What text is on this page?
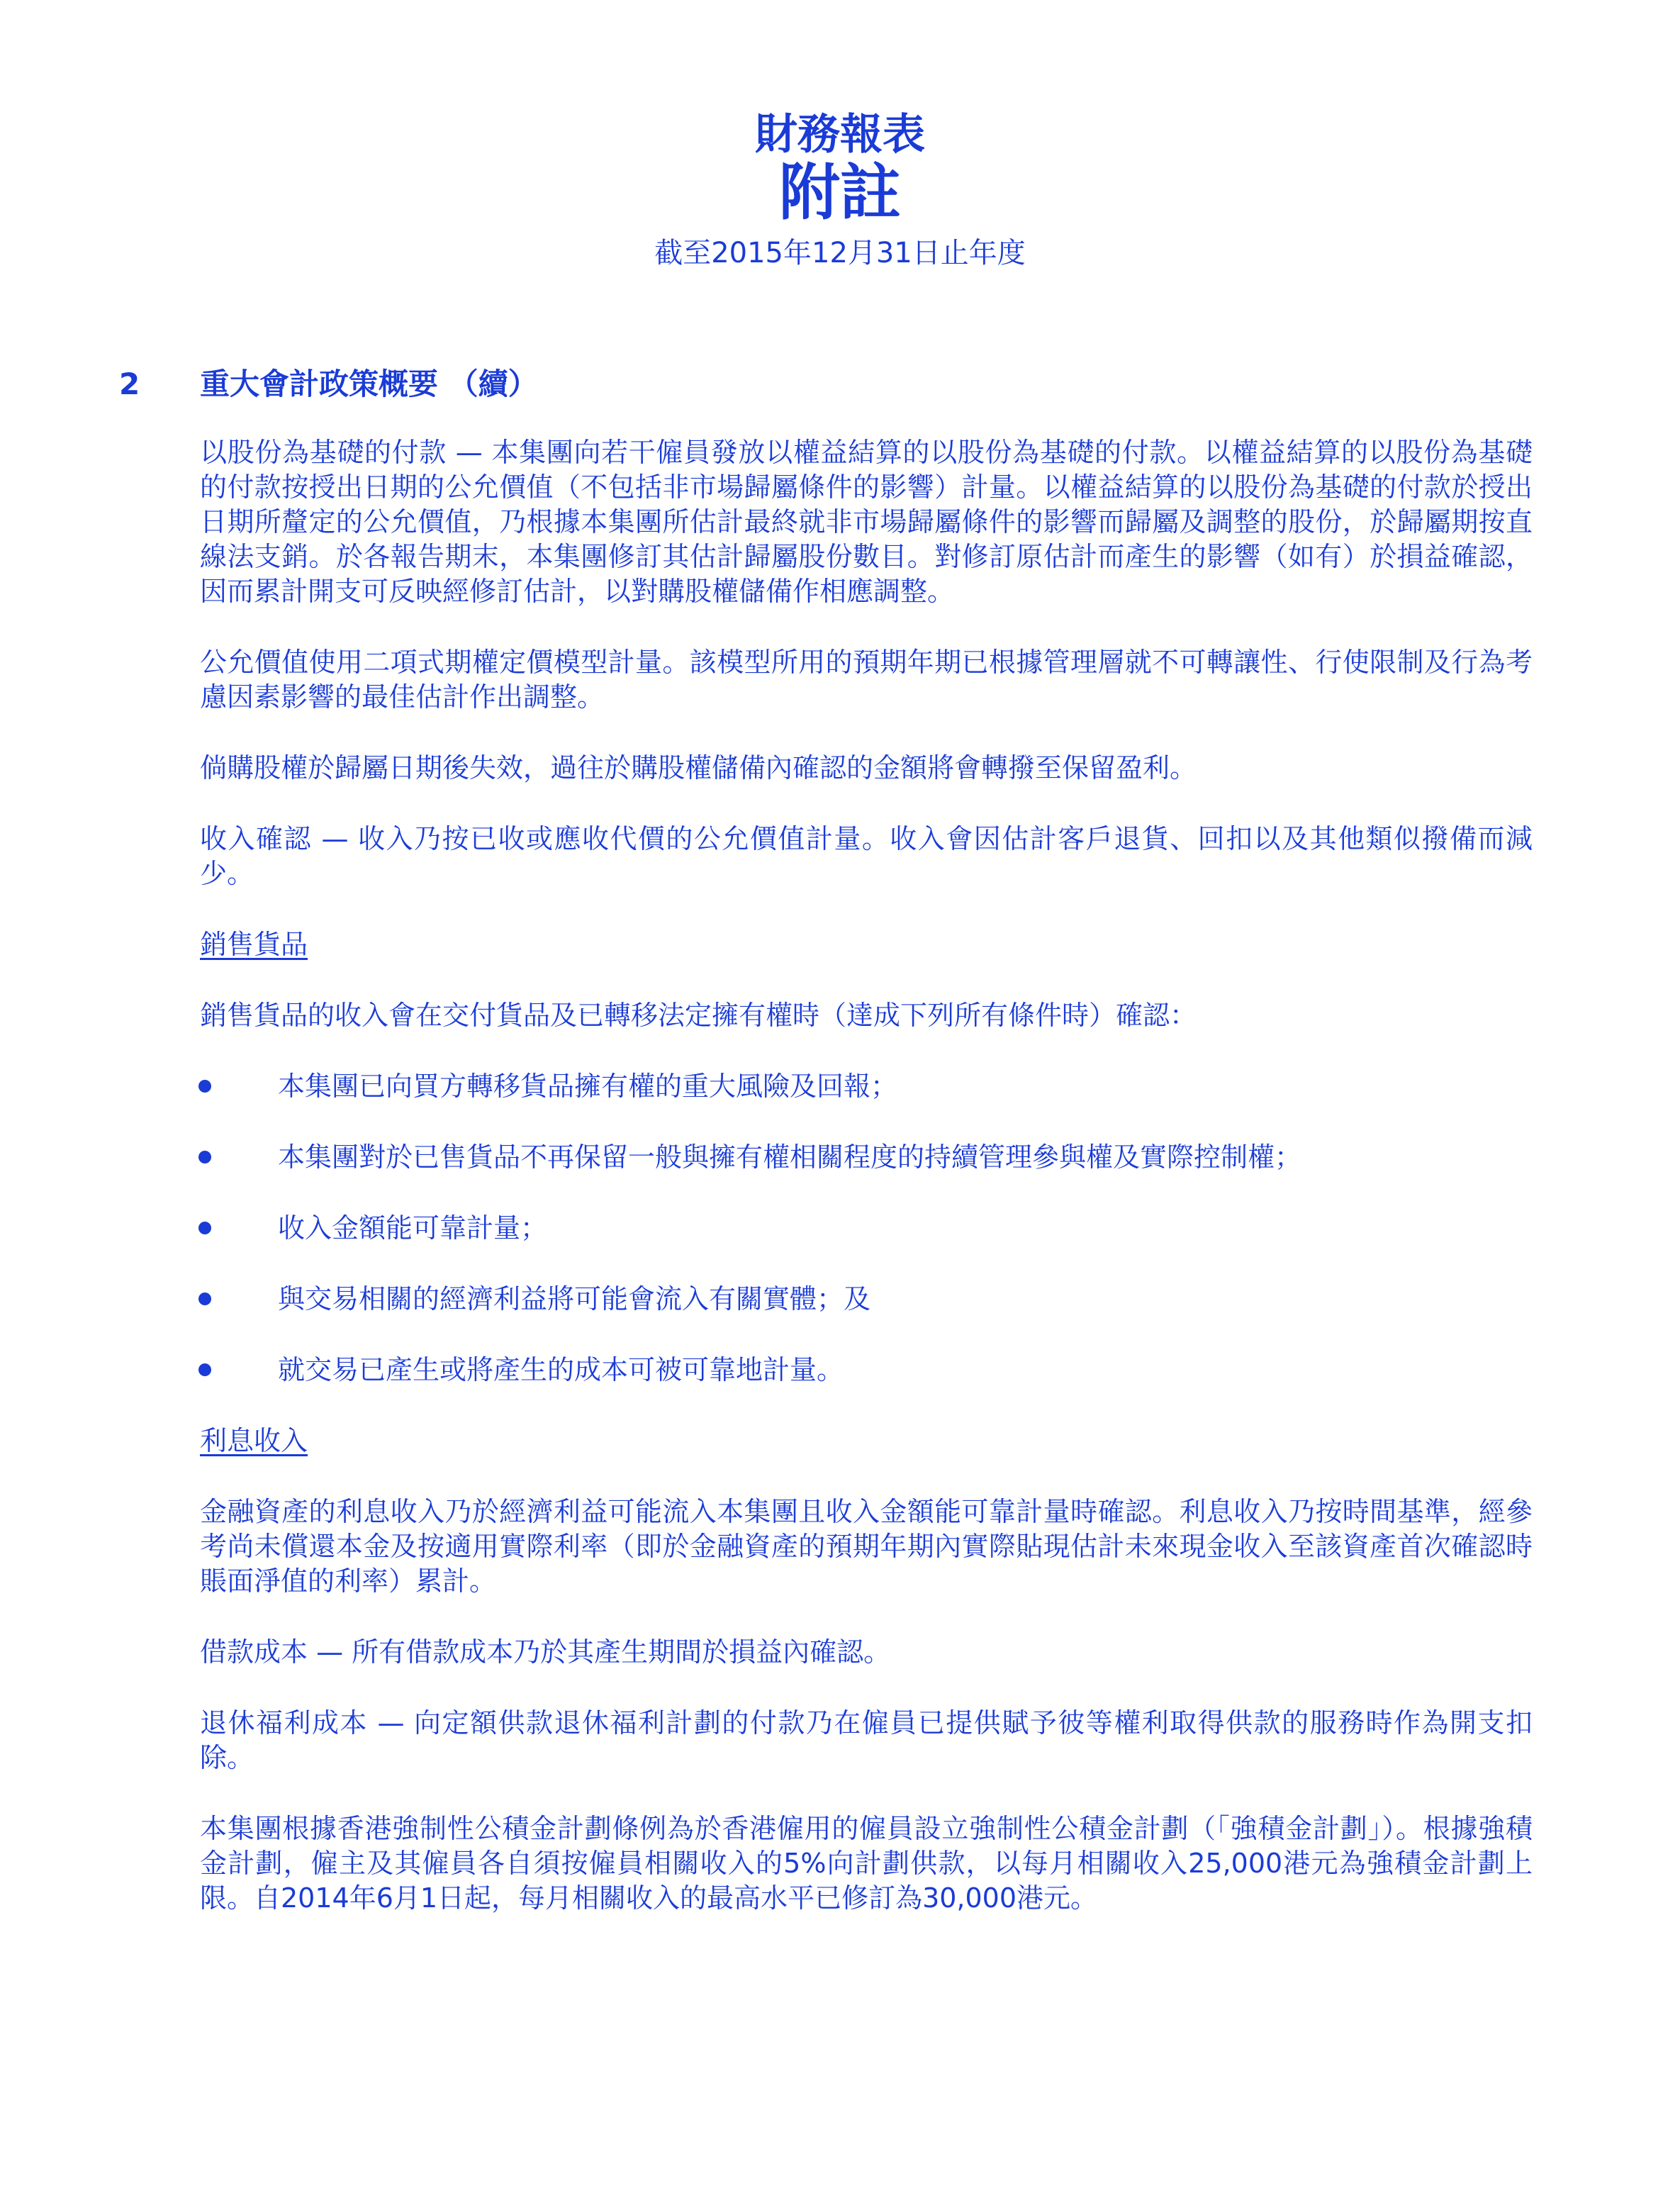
財務報表
附註
截至2015年12月31日止年度
2 重大會計政策概要 （續）

以股份為基礎的付款 — 本集團向若干僱員發放以權益結算的以股份為基礎的付款。以權益結算的以股份為基礎的付款按授出日期的公允價值（不包括非市場歸屬條件的影響）計量。以權益結算的以股份為基礎的付款於授出日期所釐定的公允價值，乃根據本集團所估計最終就非市場歸屬條件的影響而歸屬及調整的股份，於歸屬期按直線法支銷。於各報告期末，本集團修訂其估計歸屬股份數目。對修訂原估計而產生的影響（如有）於損益確認，因而累計開支可反映經修訂估計，以對購股權儲備作相應調整。

公允價值使用二項式期權定價模型計量。該模型所用的預期年期已根據管理層就不可轉讓性、行使限制及行為考慮因素影響的最佳估計作出調整。

倘購股權於歸屬日期後失效，過往於購股權儲備內確認的金額將會轉撥至保留盈利。

收入確認 — 收入乃按已收或應收代價的公允價值計量。收入會因估計客戶退貨、回扣以及其他類似撥備而減少。

銷售貨品

銷售貨品的收入會在交付貨品及已轉移法定擁有權時（達成下列所有條件時）確認：

本集團已向買方轉移貨品擁有權的重大風險及回報；
本集團對於已售貨品不再保留一般與擁有權相關程度的持續管理參與權及實際控制權；
收入金額能可靠計量；
與交易相關的經濟利益將可能會流入有關實體；及
就交易已產生或將產生的成本可被可靠地計量。

利息收入

金融資產的利息收入乃於經濟利益可能流入本集團且收入金額能可靠計量時確認。利息收入乃按時間基準，經參考尚未償還本金及按適用實際利率（即於金融資產的預期年期內實際貼現估計未來現金收入至該資產首次確認時賬面淨值的利率）累計。

借款成本 — 所有借款成本乃於其產生期間於損益內確認。

退休福利成本 — 向定額供款退休福利計劃的付款乃在僱員已提供賦予彼等權利取得供款的服務時作為開支扣除。

本集團根據香港強制性公積金計劃條例為於香港僱用的僱員設立強制性公積金計劃（「強積金計劃」）。根據強積金計劃，僱主及其僱員各自須按僱員相關收入的5%向計劃供款，以每月相關收入25,000港元為強積金計劃上限。自2014年6月1日起，每月相關收入的最高水平已修訂為30,000港元。
